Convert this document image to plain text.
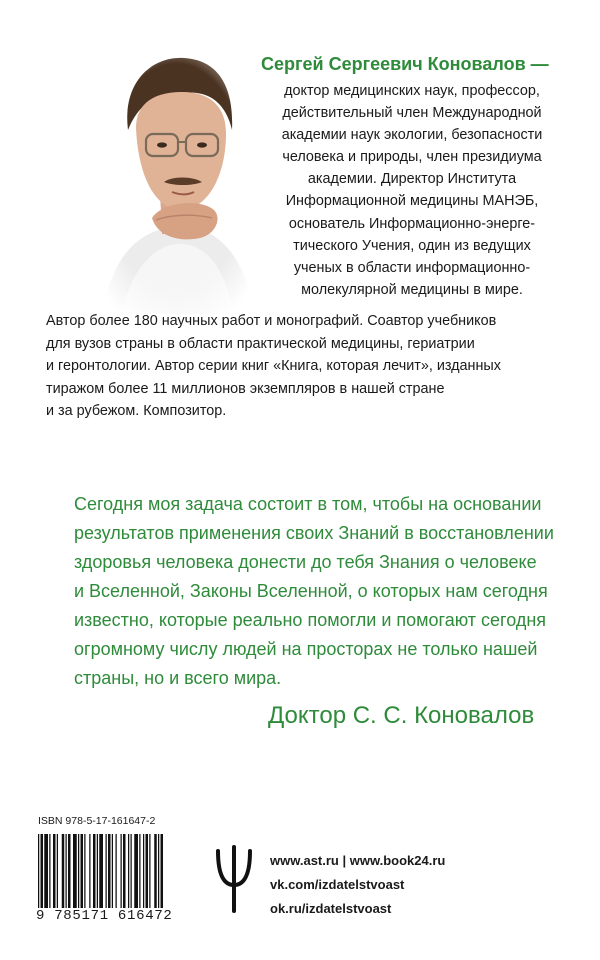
Сергей Сергеевич Коновалов —
доктор медицинских наук, профессор,
действительный член Международной
академии наук экологии, безопасности
человека и природы, член президиума
академии. Директор Института
Информационной медицины МАНЭБ,
основатель Информационно-энерге-
тического Учения, один из ведущих
ученых в области информационно-
молекулярной медицины в мире.
Автор более 180 научных работ и монографий. Соавтор учебников
для вузов страны в области практической медицины, гериатрии
и геронтологии. Автор серии книг «Книга, которая лечит», изданных
тиражом более 11 миллионов экземпляров в нашей стране
и за рубежом. Композитор.
Сегодня моя задача состоит в том, чтобы на основании
результатов применения своих Знаний в восстановлении
здоровья человека донести до тебя Знания о человеке
и Вселенной, Законы Вселенной, о которых нам сегодня
известно, которые реально помогли и помогают сегодня
огромному числу людей на просторах не только нашей
страны, но и всего мира.
Доктор С. С. Коновалов
ISBN 978-5-17-161647-2
9 785171 616472
www.ast.ru | www.book24.ru
vk.com/izdatelstvoast
ok.ru/izdatelstvoast
